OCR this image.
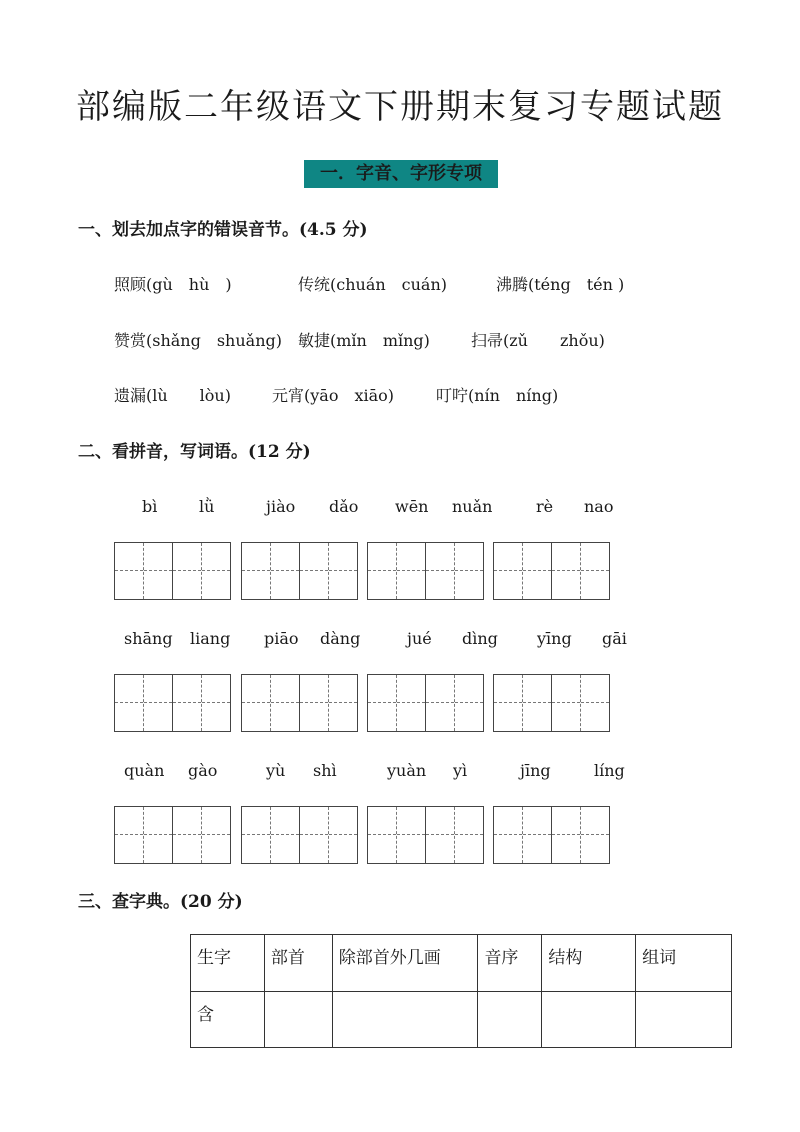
部编版二年级语文下册期末复习专题试题
一．字音、字形专项
一、划去加点字的错误音节。(4.5 分)
照顾(gù　hù　)	传统(chuán　cuán)	沸腾(téng　tén )
赞赏(shǎng　shuǎng) 敏捷(mǐn　mǐng)	扫帚(zǔ　　zhǒu)
遗漏(lù　　lòu)	元宵(yāo　xiāo)	叮咛(nín　níng)
二、看拼音，写词语。(12 分)
bì	lǜ	jiào dǎo wēn nuǎn	rè nao
shāng liang piāo dàng	jué dìng yīng gāi
quàn gào	yù shì	yuàn yì	jīng	líng
三、查字典。(20 分)
生字	部首	除部首外几画	音序	结构	组词
含					
